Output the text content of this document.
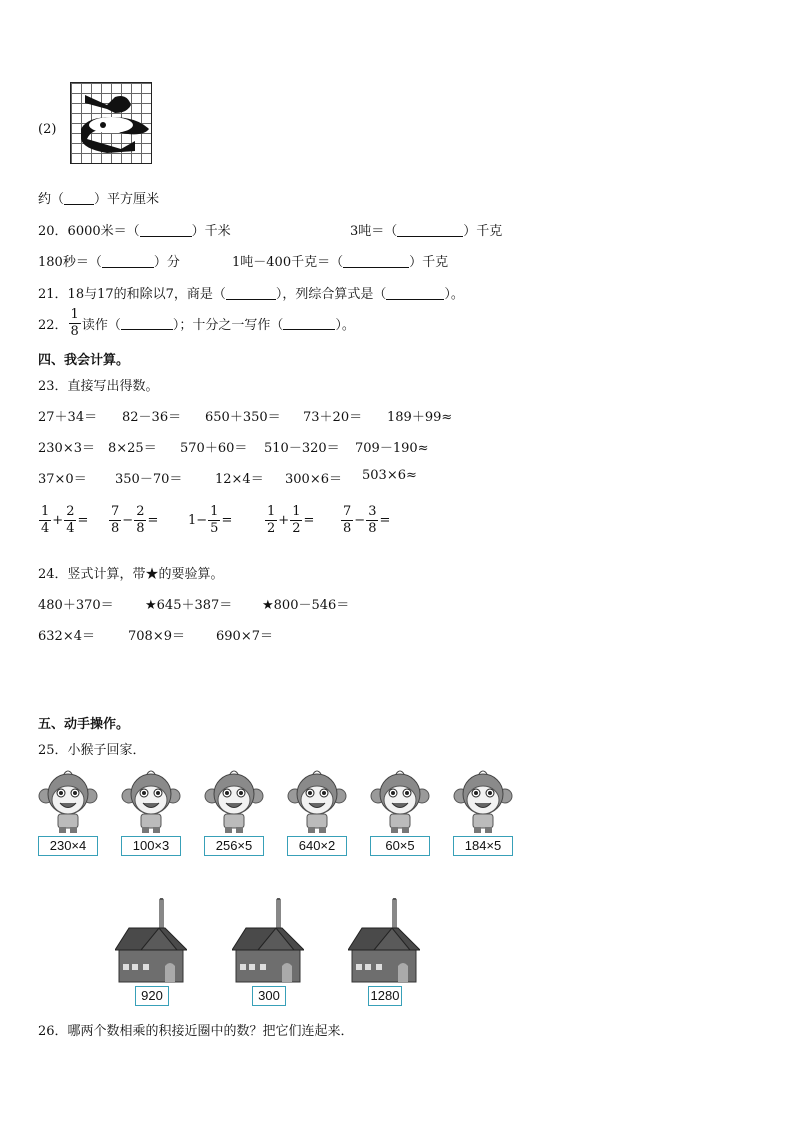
(2)
约（ ）平方厘米
20．6000米＝（	）千米	3吨＝（	）千克
180秒＝（	）分	1吨－400千克＝（	）千克
21．18与17的和除以7，商是（	），列综合算式是（	）。
22． $\frac{1}{8}$ 读作（	）；十分之一写作（	）。
四、我会计算。
23．直接写出得数。
27＋34＝ 82－36＝ 650＋350＝ 73＋20＝ 189＋99≈
230×3＝ 8×25＝ 570＋60＝ 510－320＝ 709－190≈
37×0＝ 350－70＝	12×4＝ 300×6＝ 503×6≈
$\frac{1}{4} + \frac{2}{4} = \frac{7}{8} - \frac{2}{8} = 1- \frac{1}{5}$ =	$\frac{1}{2} + \frac{1}{2} = \frac{7}{8} - \frac{3}{8}$ =
24．竖式计算，带★的要验算。
480＋370＝ ★645＋387＝ ★800－546＝
632×4＝	708×9＝ 690×7＝
五、动手操作。
25．小猴子回家．
230×4	100×3	256×5	640×2	60×5	184×5
920	300	1280
26．哪两个数相乘的积接近圈中的数？把它们连起来．
